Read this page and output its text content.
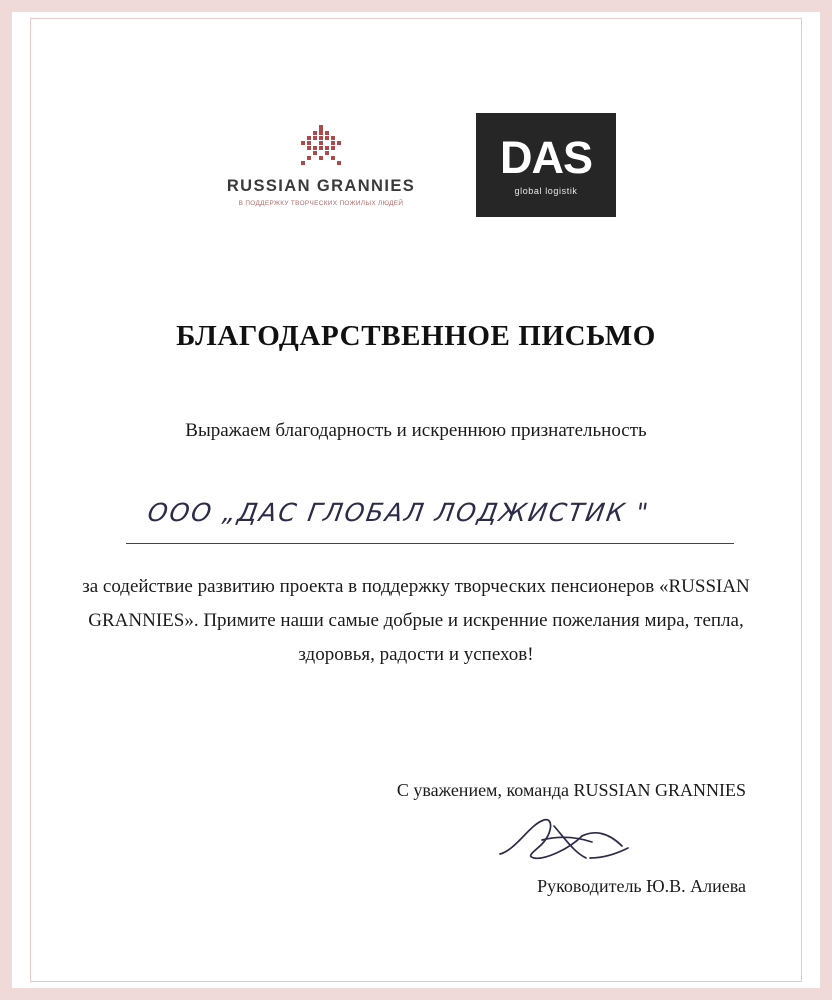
RUSSIAN GRANNIES
В ПОДДЕРЖКУ ТВОРЧЕСКИХ ПОЖИЛЫХ ЛЮДЕЙ
DAS
global logistik
БЛАГОДАРСТВЕННОЕ ПИСЬМО
Выражаем благодарность и искреннюю признательность
ООО „ДАС ГЛОБАЛ ЛОДЖИСТИК "
за содействие развитию проекта в поддержку творческих пенсионеров «RUSSIAN GRANNIES». Примите наши самые добрые и искренние пожелания мира, тепла, здоровья, радости и успехов!
С уважением, команда RUSSIAN GRANNIES
Руководитель Ю.В. Алиева
